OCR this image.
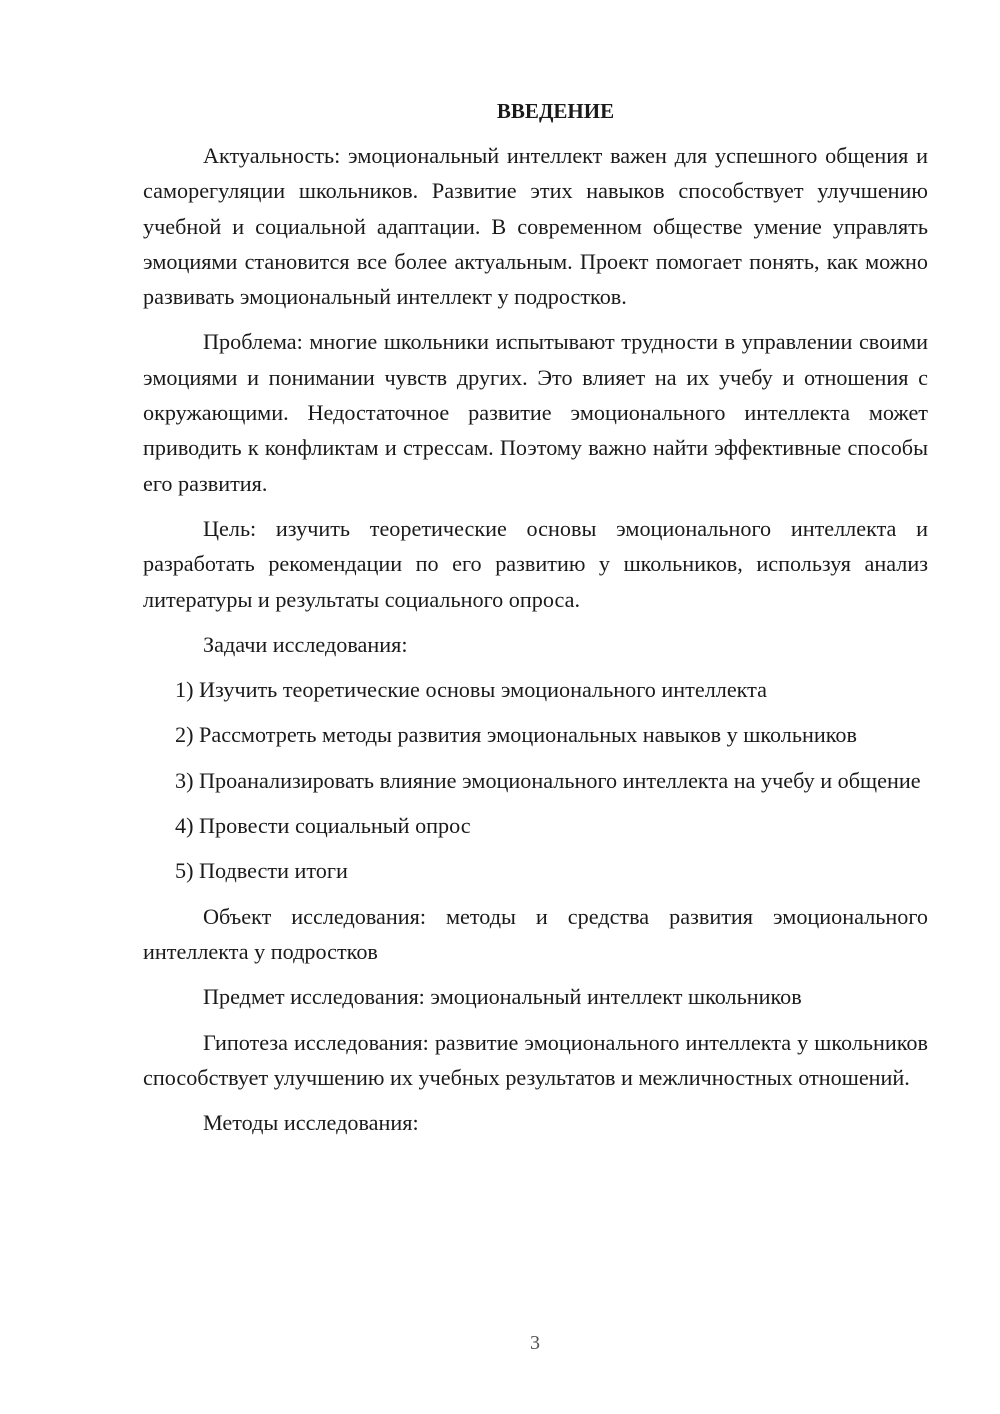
ВВЕДЕНИЕ

Актуальность: эмоциональный интеллект важен для успешного общения и саморегуляции школьников. Развитие этих навыков способствует улучшению учебной и социальной адаптации. В современном обществе умение управлять эмоциями становится все более актуальным. Проект помогает понять, как можно развивать эмоциональный интеллект у подростков.

Проблема: многие школьники испытывают трудности в управлении своими эмоциями и понимании чувств других. Это влияет на их учебу и отношения с окружающими. Недостаточное развитие эмоционального интеллекта может приводить к конфликтам и стрессам. Поэтому важно найти эффективные способы его развития.

Цель: изучить теоретические основы эмоционального интеллекта и разработать рекомендации по его развитию у школьников, используя анализ литературы и результаты социального опроса.

Задачи исследования:

1) Изучить теоретические основы эмоционального интеллекта

2) Рассмотреть методы развития эмоциональных навыков у школьников

3) Проанализировать влияние эмоционального интеллекта на учебу и общение

4) Провести социальный опрос

5) Подвести итоги

Объект исследования: методы и средства развития эмоционального интеллекта у подростков

Предмет исследования: эмоциональный интеллект школьников

Гипотеза исследования: развитие эмоционального интеллекта у школьников способствует улучшению их учебных результатов и межличностных отношений.

Методы исследования:

3
